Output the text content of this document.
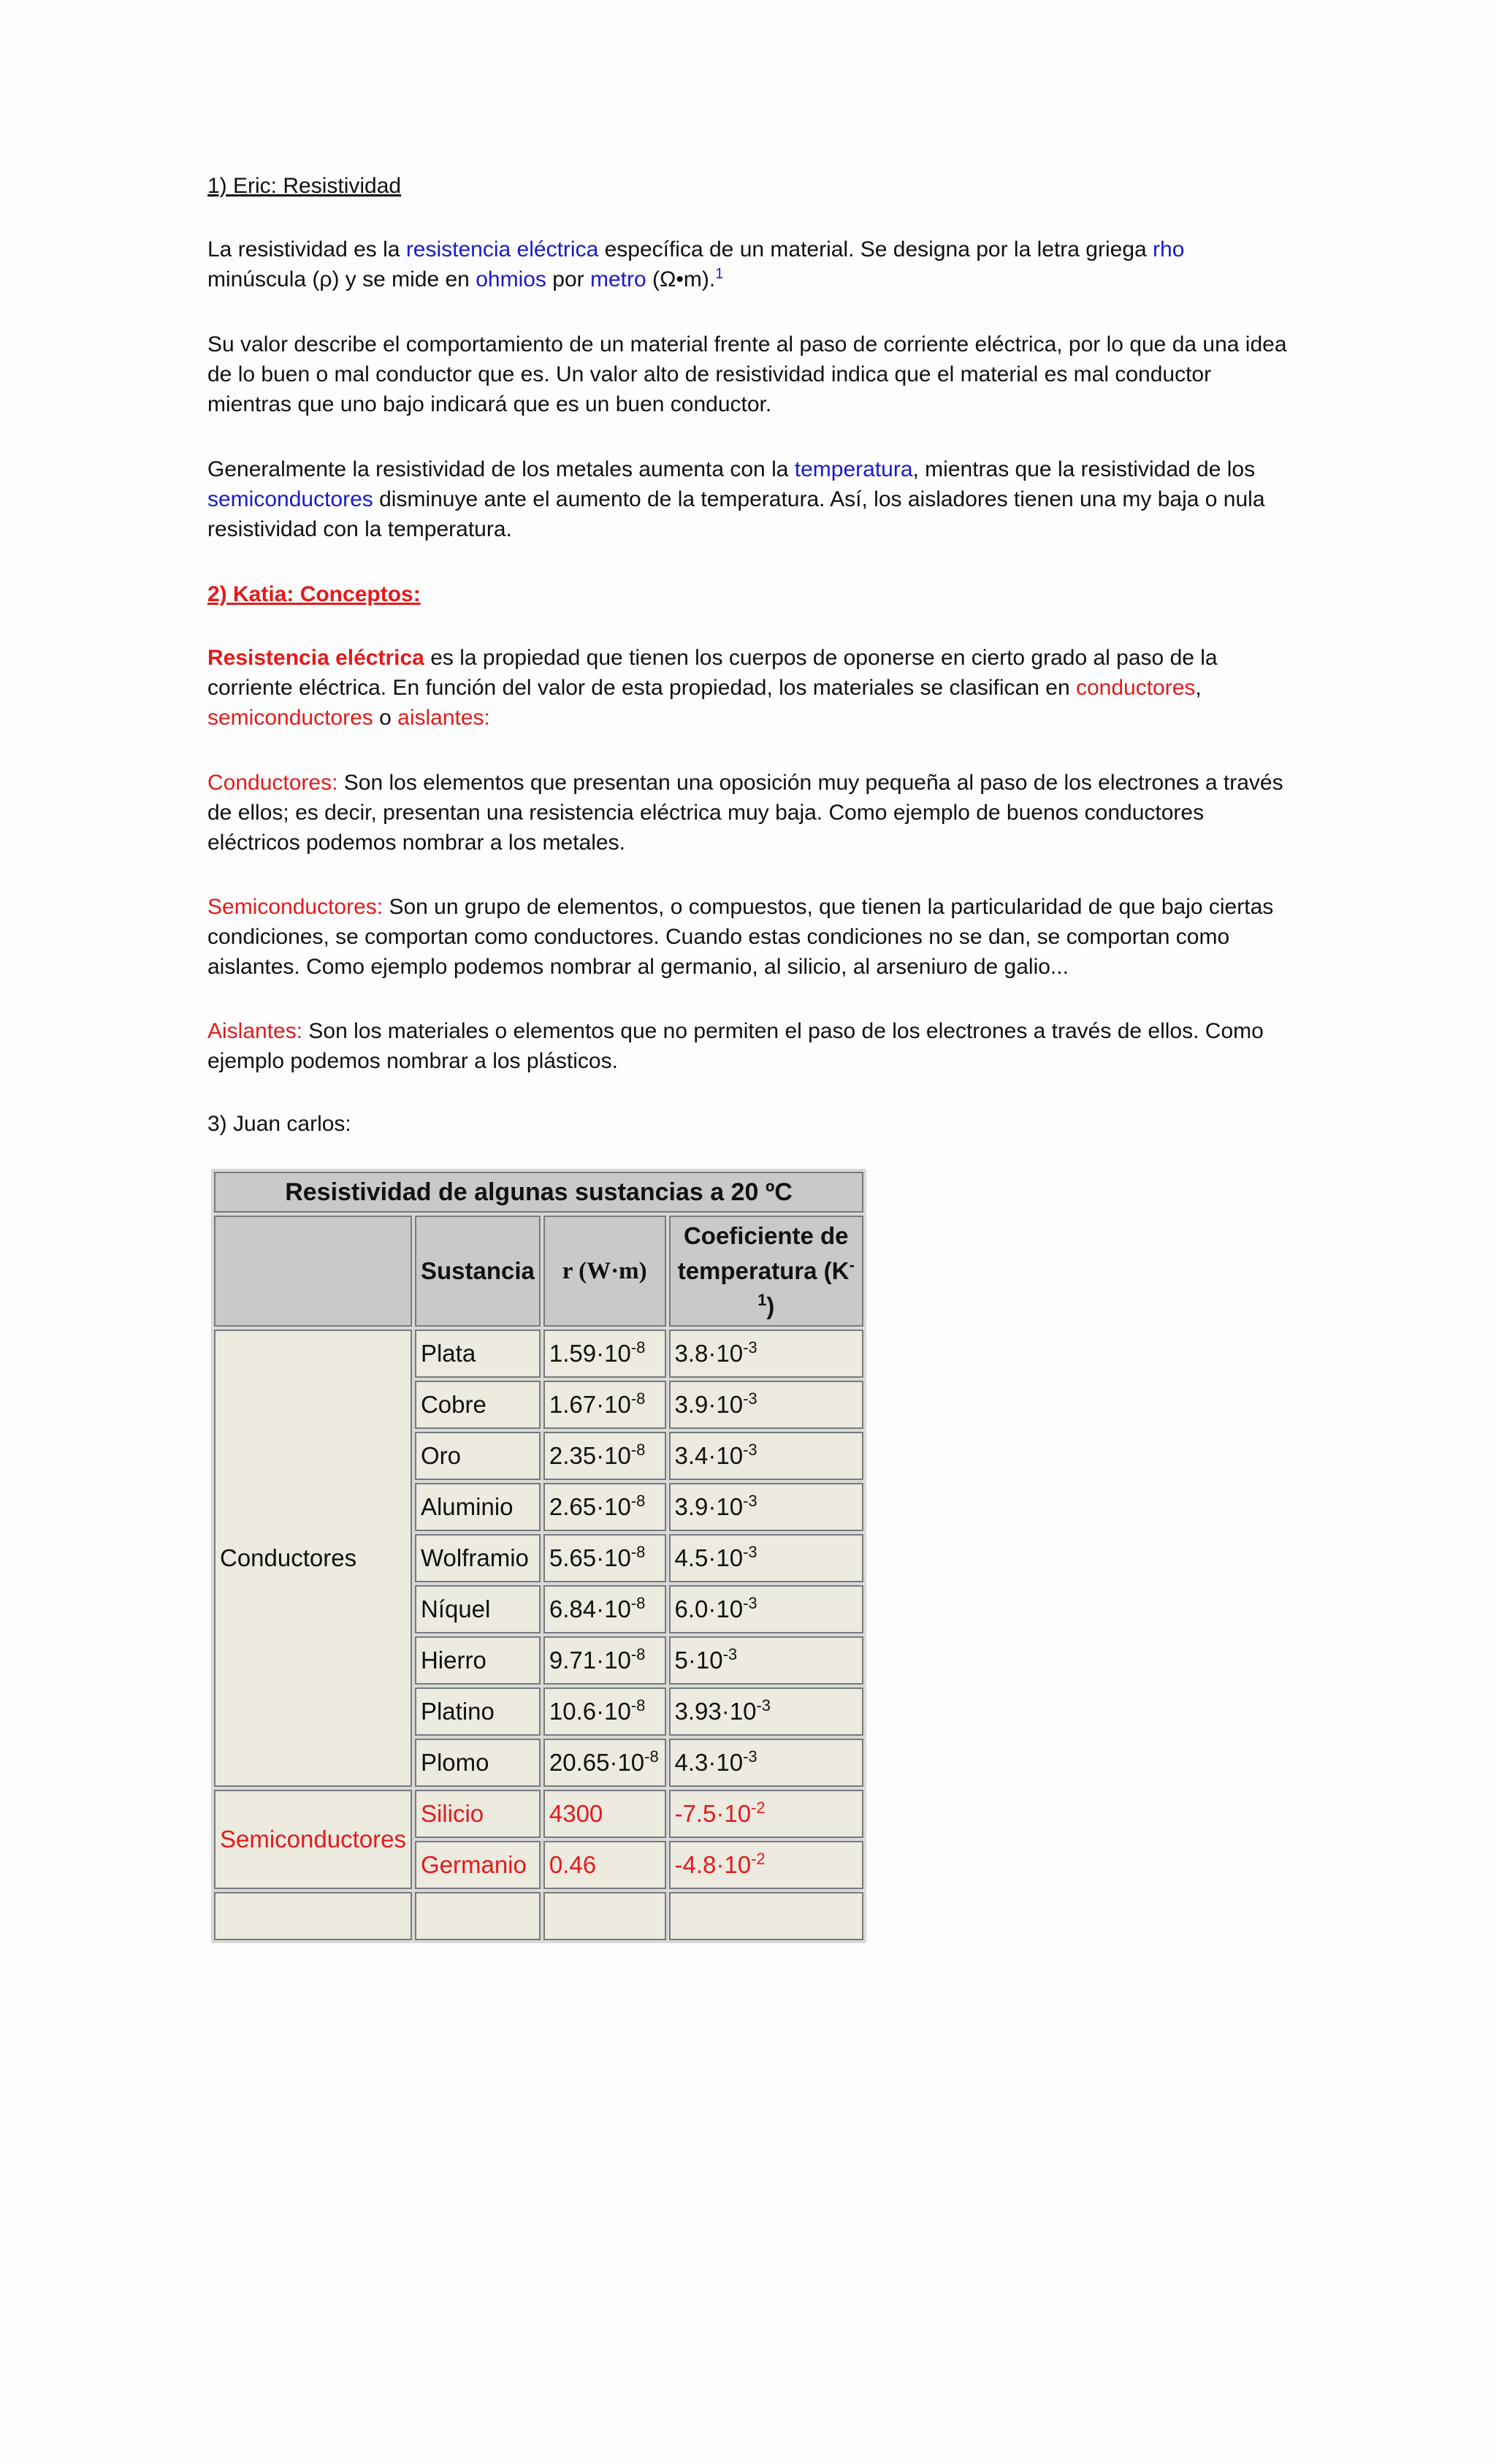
1) Eric: Resistividad

La resistividad es la resistencia eléctrica específica de un material. Se designa por la letra griega rho
minúscula (ρ) y se mide en ohmios por metro (Ω•m).$^1$

Su valor describe el comportamiento de un material frente al paso de corriente eléctrica, por lo que da una idea de lo buen o mal conductor que es. Un valor alto de resistividad indica que el material es mal conductor mientras que uno bajo indicará que es un buen conductor.

Generalmente la resistividad de los metales aumenta con la temperatura, mientras que la resistividad de los semiconductores disminuye ante el aumento de la temperatura. Así, los aisladores tienen una my baja o nula resistividad con la temperatura.

2) Katia: Conceptos:

Resistencia eléctrica es la propiedad que tienen los cuerpos de oponerse en cierto grado al paso de la corriente eléctrica. En función del valor de esta propiedad, los materiales se clasifican en conductores,
semiconductores o aislantes:

Conductores: Son los elementos que presentan una oposición muy pequeña al paso de los electrones a través de ellos; es decir, presentan una resistencia eléctrica muy baja. Como ejemplo de buenos conductores eléctricos podemos nombrar a los metales.

Semiconductores: Son un grupo de elementos, o compuestos, que tienen la particularidad de que bajo ciertas condiciones, se comportan como conductores. Cuando estas condiciones no se dan, se comportan como aislantes. Como ejemplo podemos nombrar al germanio, al silicio, al arseniuro de galio...

Aislantes: Son los materiales o elementos que no permiten el paso de los electrones a través de ellos. Como ejemplo podemos nombrar a los plásticos.

3) Juan carlos:

Resistividad de algunas sustancias a 20 ºC			
	Sustancia	r (W·m)	Coeficiente de
temperatura $(K^{-1})$
Conductores	Plata	$1.59\cdot 10^{-8}$	$3.8\cdot 10^{-3}$
	Cobre	$1.67\cdot 10^{-8}$	$3.9\cdot 10^{-3}$
	Oro	$2.35\cdot 10^{-8}$	$3.4\cdot 10^{-3}$
	Aluminio	$2.65\cdot 10^{-8}$	$3.9\cdot 10^{-3}$
	Wolframio	$5.65\cdot 10^{-8}$	$4.5\cdot 10^{-3}$
	Níquel	$6.84\cdot 10^{-8}$	$6.0\cdot 10^{-3}$
	Hierro	$9.71\cdot 10^{-8}$	$5\cdot 10^{-3}$
	Platino	$10.6\cdot 10^{-8}$	$3.93\cdot 10^{-3}$
	Plomo	$20.65\cdot 10^{-8}$	$4.3\cdot 10^{-3}$
Semiconductores	Silicio	4300	$-7.5\cdot 10^{-2}$
	Germanio	0.46	$-4.8\cdot 10^{-2}$
